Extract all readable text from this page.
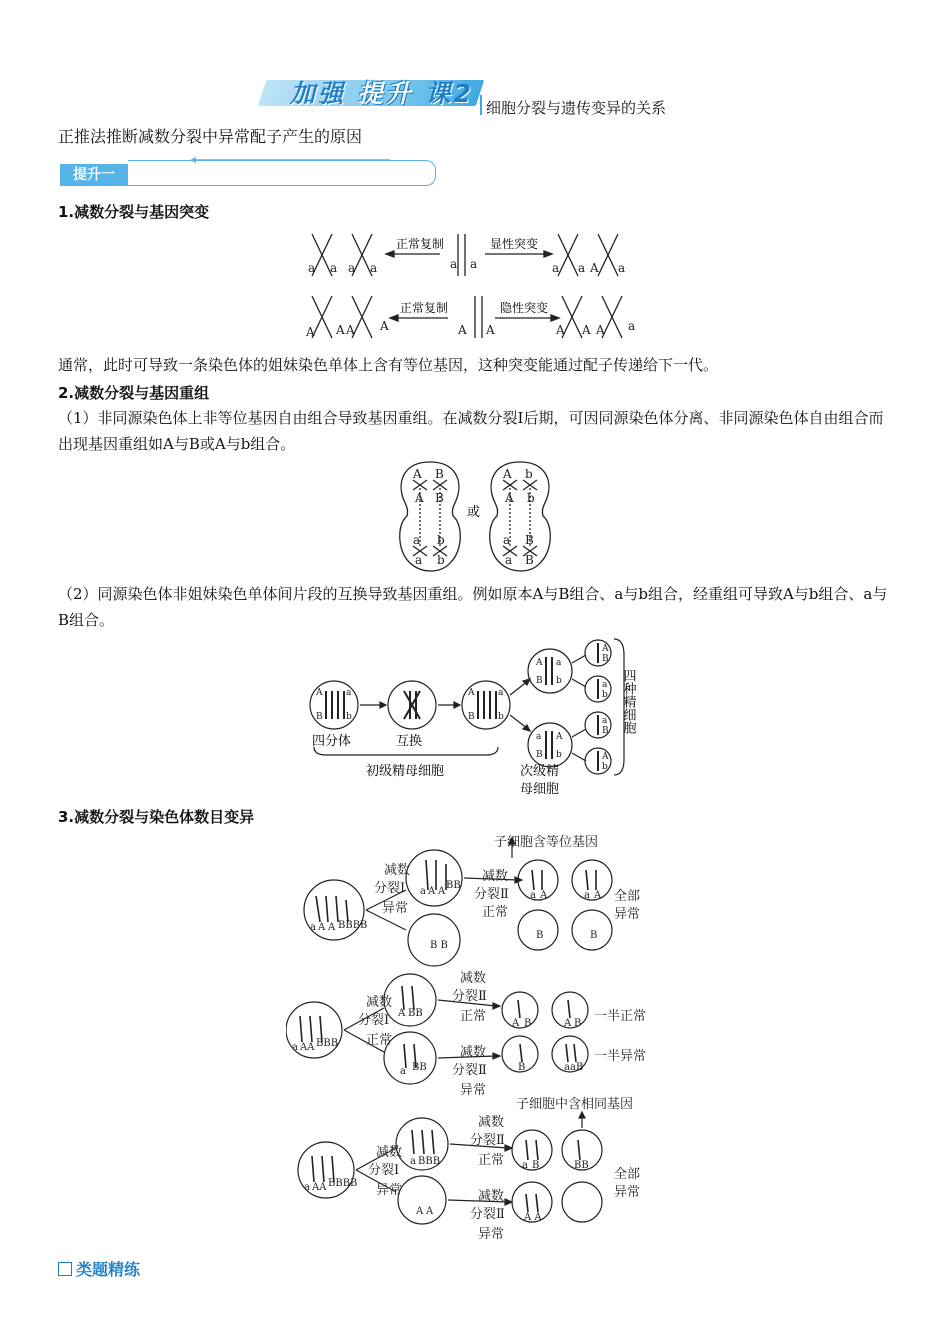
加强 提升 课2 细胞分裂与遗传变异的关系
正推法推断减数分裂中异常配子产生的原因
提升一
1.减数分裂与基因突变
a a a a	a a	a a A a
A A A A	A A	A A A a
正常复制	显性突变
正常复制	隐性突变
通常，此时可导致一条染色体的姐妹染色单体上含有等位基因，这种突变能通过配子传递给下一代。
2.减数分裂与基因重组
（1）非同源染色体上非等位基因自由组合导致基因重组。在减数分裂Ⅰ后期，可因同源染色体分离、非同源染色体自由组合而出现基因重组如A与B或A与b组合。
A B
A B
a b
a b
A b
A b
a B
a B
或
（2）同源染色体非姐妹染色单体间片段的互换导致基因重组。例如原本A与B组合、a与b组合，经重组可导致A与b组合、a与B组合。
A	a
B	b
A	a
B	b
A a
B b
a A
B b
A
B
a
b
a
B
A
b
四分体	互换
初级精母细胞	次级精
母细胞
四种精细胞
3.减数分裂与染色体数目变异
a A A BBBB
a A A
BB
B B
a A	a A
B	B
a AA BBB
A BB
a BB
A B	A B
B	aa B
a AA BBBB
a BBB
A A
a B	BB
A A
减数
分裂Ⅰ
异常
减数
分裂Ⅱ
正常
子细胞含等位基因
全部
异常
减数
分裂Ⅰ
正常
减数
分裂Ⅱ
正常
减数
分裂Ⅱ
异常
一半正常
一半异常
减数
分裂Ⅰ
异常
减数
分裂Ⅱ
正常
减数
分裂Ⅱ
异常
子细胞中含相同基因
全部
异常
类题精练
